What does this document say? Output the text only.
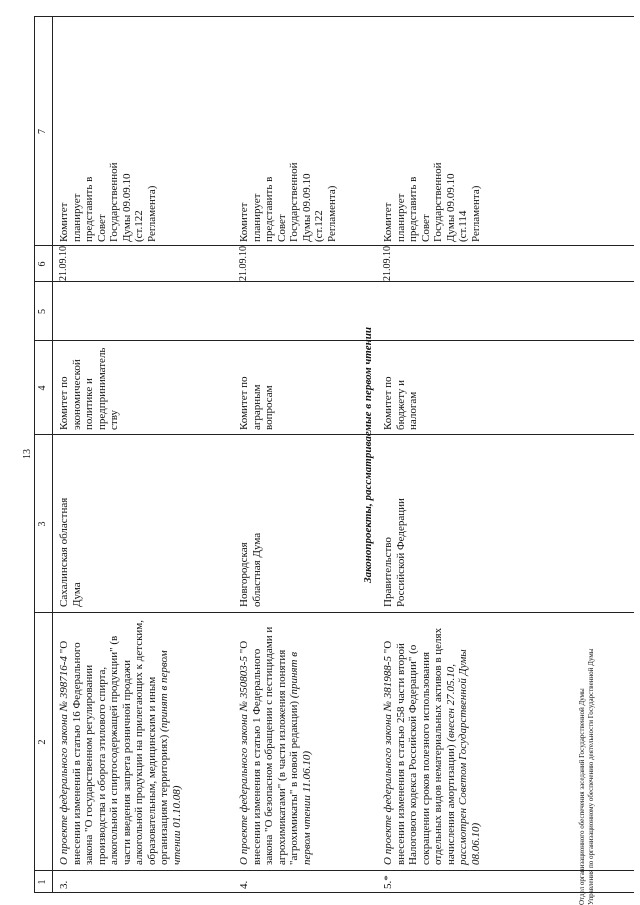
13
1
2
3
4
5
6
7
3.
О проекте федерального закона № 398716-4 "О внесении изменений в статью 16 Федерального закона "О государственном регулировании производства и оборота этилового спирта, алкогольной и спиртосодержащей продукции" (в части введения запрета розничной продажи алкогольной продукции на прилегающих к детским, образовательным, медицинским и иным организациям территориях) (принят в первом чтении 01.10.08)
Сахалинская областная Дума
Комитет по экономической политике и предпринимательству
21.09.10
Комитет планирует представить в Совет Государственной Думы 09.09.10 (ст.122 Регламента)
4.
О проекте федерального закона № 350803-5 "О внесении изменения в статью 1 Федерального закона "О безопасном обращении с пестицидами и агрохимикатами" (в части изложения понятия "агрохимикаты" в новой редакции) (принят в первом чтении 11.06.10)
Новгородская областная Дума
Комитет по аграрным вопросам
21.09.10
Комитет планирует представить в Совет Государственной Думы 09.09.10 (ст.122 Регламента)
Законопроекты, рассматриваемые в первом чтении
5.*
О проекте федерального закона № 381988-5 "О внесении изменения в статью 258 части второй Налогового кодекса Российской Федерации" (о сокращении сроков полезного использования отдельных видов нематериальных активов в целях начисления амортизации) (внесен 27.05.10, рассмотрен Советом Государственной Думы 08.06.10)
Правительство Российской Федерации
Комитет по бюджету и налогам
21.09.10
Комитет планирует представить в Совет Государственной Думы 09.09.10 (ст.114 Регламента)
Отдел организационного обеспечения заседаний Государственной Думы Управления по организационному обеспечению деятельности Государственной Думы
